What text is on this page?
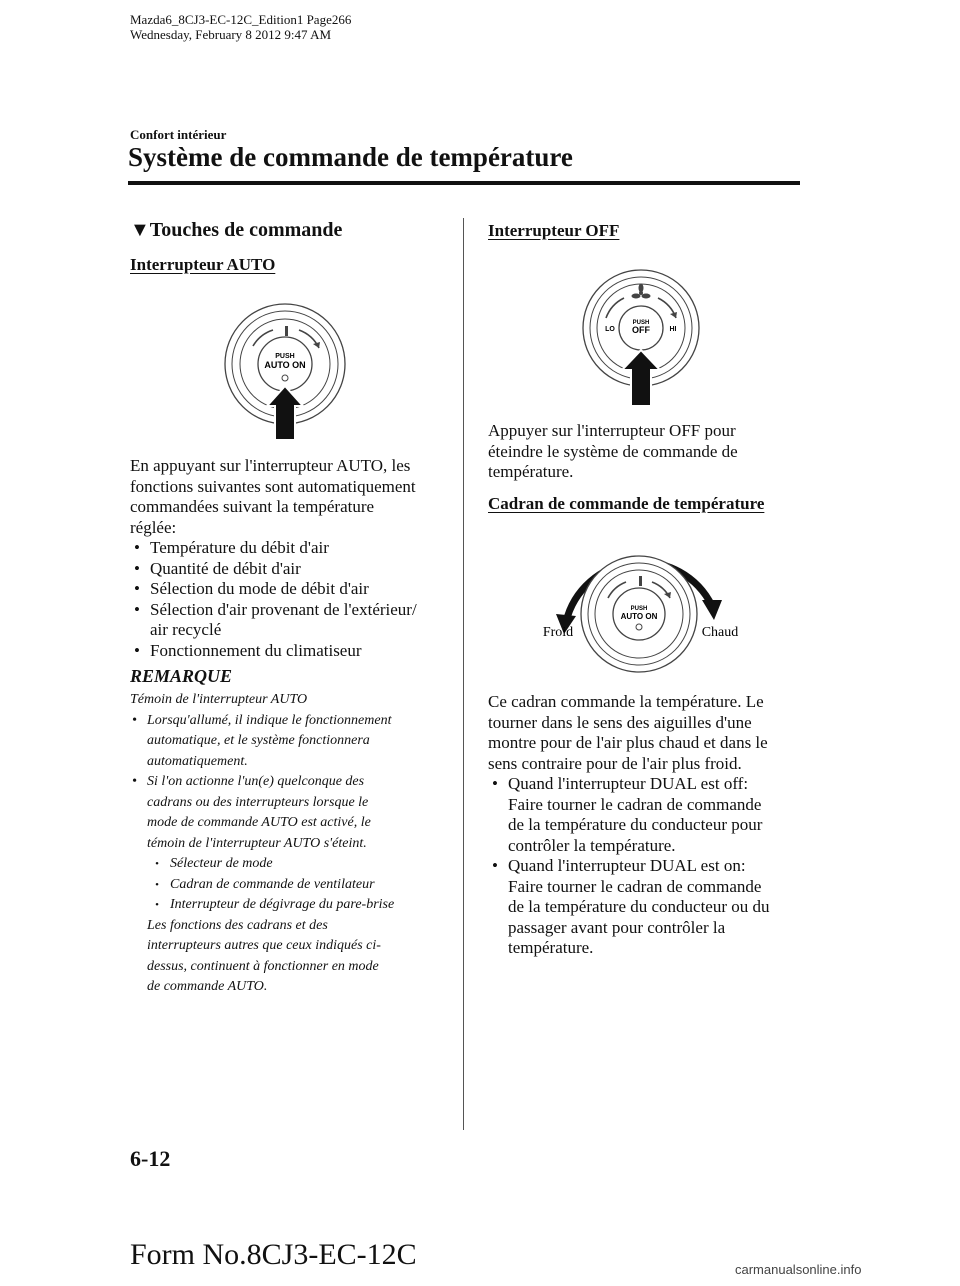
Mazda6_8CJ3-EC-12C_Edition1 Page266
Wednesday, February 8 2012 9:47 AM
Confort intérieur
Système de commande de température
▼Touches de commande
Interrupteur AUTO
PUSH
AUTO ON

En appuyant sur l'interrupteur AUTO, les

fonctions suivantes sont automatiquement

commandées suivant la température

réglée:

• Température du débit d'air
• Quantité de débit d'air
• Sélection du mode de débit d'air
• Sélection d'air provenant de l'extérieur/
air recyclé
• Fonctionnement du climatiseur
REMARQUE

Témoin de l'interrupteur AUTO

• Lorsqu'allumé, il indique le fonctionnement
automatique, et le système fonctionnera
automatiquement.
• Si l'on actionne l'un(e) quelconque des
cadrans ou des interrupteurs lorsque le
mode de commande AUTO est activé, le
témoin de l'interrupteur AUTO s'éteint.
• Sélecteur de mode
• Cadran de commande de ventilateur
• Interrupteur de dégivrage du pare-brise
Les fonctions des cadrans et des
interrupteurs autres que ceux indiqués ci-
dessus, continuent à fonctionner en mode
de commande AUTO.
Interrupteur OFF
LO	HI
PUSH
OFF

Appuyer sur l'interrupteur OFF pour

éteindre le système de commande de

température.

Cadran de commande de température
PUSH
AUTO ON
Froid	Chaud

Ce cadran commande la température. Le

tourner dans le sens des aiguilles d'une

montre pour de l'air plus chaud et dans le

sens contraire pour de l'air plus froid.

• Quand l'interrupteur DUAL est off:
Faire tourner le cadran de commande
de la température du conducteur pour
contrôler la température.
• Quand l'interrupteur DUAL est on:
Faire tourner le cadran de commande
de la température du conducteur ou du
passager avant pour contrôler la
température.
6-12
Form No.8CJ3-EC-12C	carmanualsonline.info
